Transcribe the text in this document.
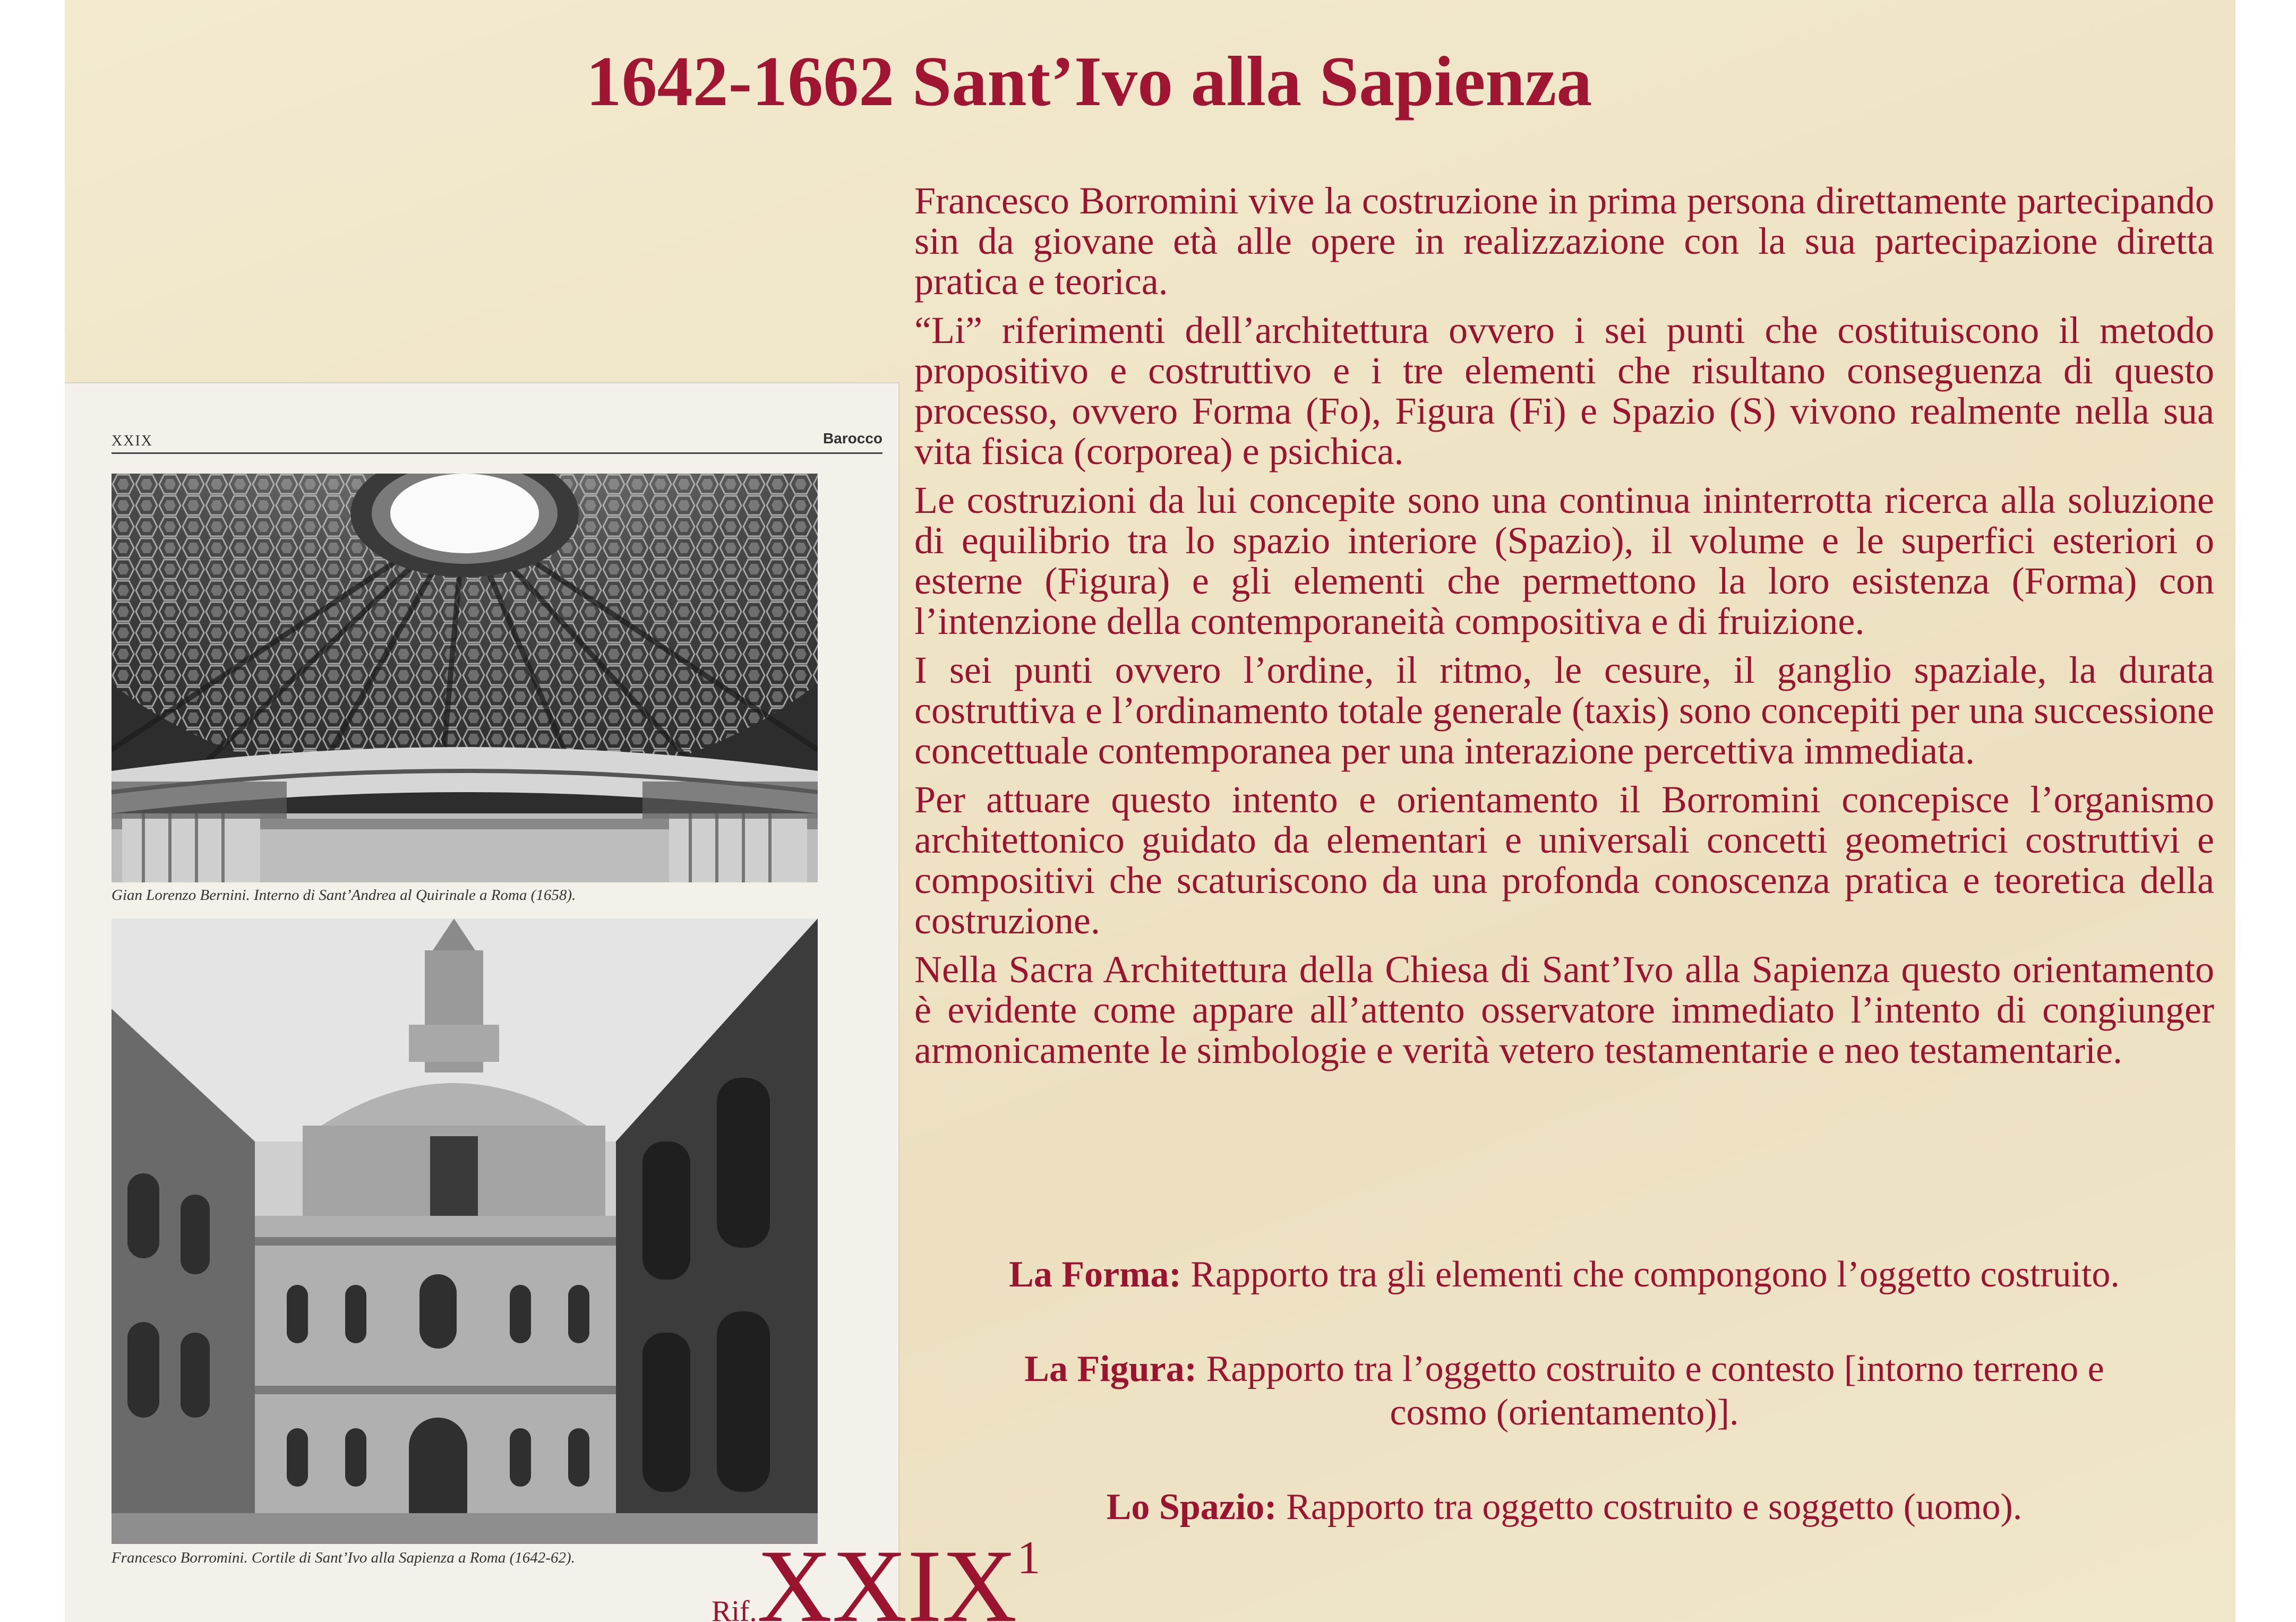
1642-1662 Sant’Ivo alla Sapienza
XXIX	Barocco
Gian Lorenzo Bernini. Interno di Sant’Andrea al Quirinale a Roma (1658).
Francesco Borromini. Cortile di Sant’Ivo alla Sapienza a Roma (1642-62).

Francesco Borromini vive la costruzione in prima persona direttamente partecipando sin da giovane età alle opere in realizzazione con la sua partecipazione diretta pratica e teorica.

“Li” riferimenti dell’architettura ovvero i sei punti che costituiscono il metodo propositivo e costruttivo e i tre elementi che risultano conseguenza di questo processo, ovvero Forma (Fo), Figura (Fi) e Spazio (S) vivono realmente nella sua vita fisica (corporea) e psichica.

Le costruzioni da lui concepite sono una continua ininterrotta ricerca alla soluzione di equilibrio tra lo spazio interiore (Spazio), il volume e le superfici esteriori o esterne (Figura) e gli elementi che permettono la loro esistenza (Forma) con l’intenzione della contemporaneità compositiva e di fruizione.

I sei punti ovvero l’ordine, il ritmo, le cesure, il ganglio spaziale, la durata costruttiva e l’ordinamento totale generale (taxis) sono concepiti per una successione concettuale contemporanea per una interazione percettiva immediata.

Per attuare questo intento e orientamento il Borromini concepisce l’organismo architettonico guidato da elementari e universali concetti geometrici costruttivi e compositivi che scaturiscono da una profonda conoscenza pratica e teoretica della costruzione.

Nella Sacra Architettura della Chiesa di Sant’Ivo alla Sapienza questo orientamento è evidente come appare all’attento osservatore immediato l’intento di congiunger armonicamente le simbologie e verità vetero testamentarie e neo testamentarie.

La Forma: Rapporto tra gli elementi che compongono l’oggetto costruito.

La Figura: Rapporto tra l’oggetto costruito e contesto [intorno terreno e cosmo (orientamento)].

Lo Spazio: Rapporto tra oggetto costruito e soggetto (uomo).

Rif.XXIX1
